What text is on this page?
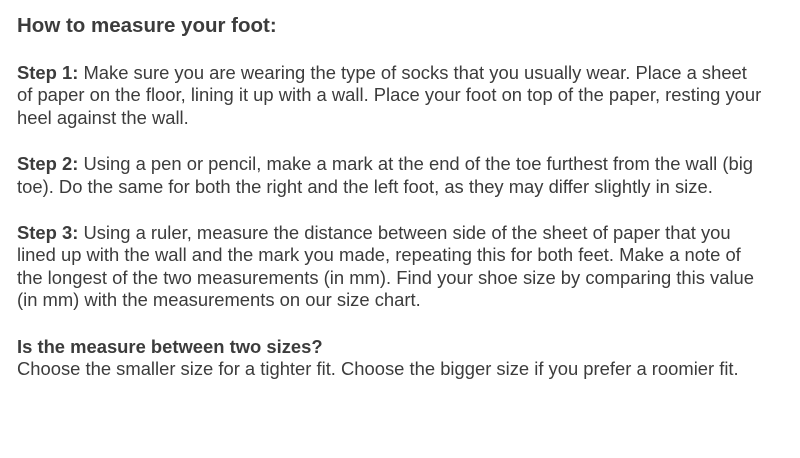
How to measure your foot:

Step 1: Make sure you are wearing the type of socks that you usually wear. Place a sheet of paper on the floor, lining it up with a wall. Place your foot on top of the paper, resting your heel against the wall.

Step 2: Using a pen or pencil, make a mark at the end of the toe furthest from the wall (big toe). Do the same for both the right and the left foot, as they may differ slightly in size.

Step 3: Using a ruler, measure the distance between side of the sheet of paper that you lined up with the wall and the mark you made, repeating this for both feet. Make a note of the longest of the two measurements (in mm). Find your shoe size by comparing this value (in mm) with the measurements on our size chart.

Is the measure between two sizes?
Choose the smaller size for a tighter fit. Choose the bigger size if you prefer a roomier fit.
